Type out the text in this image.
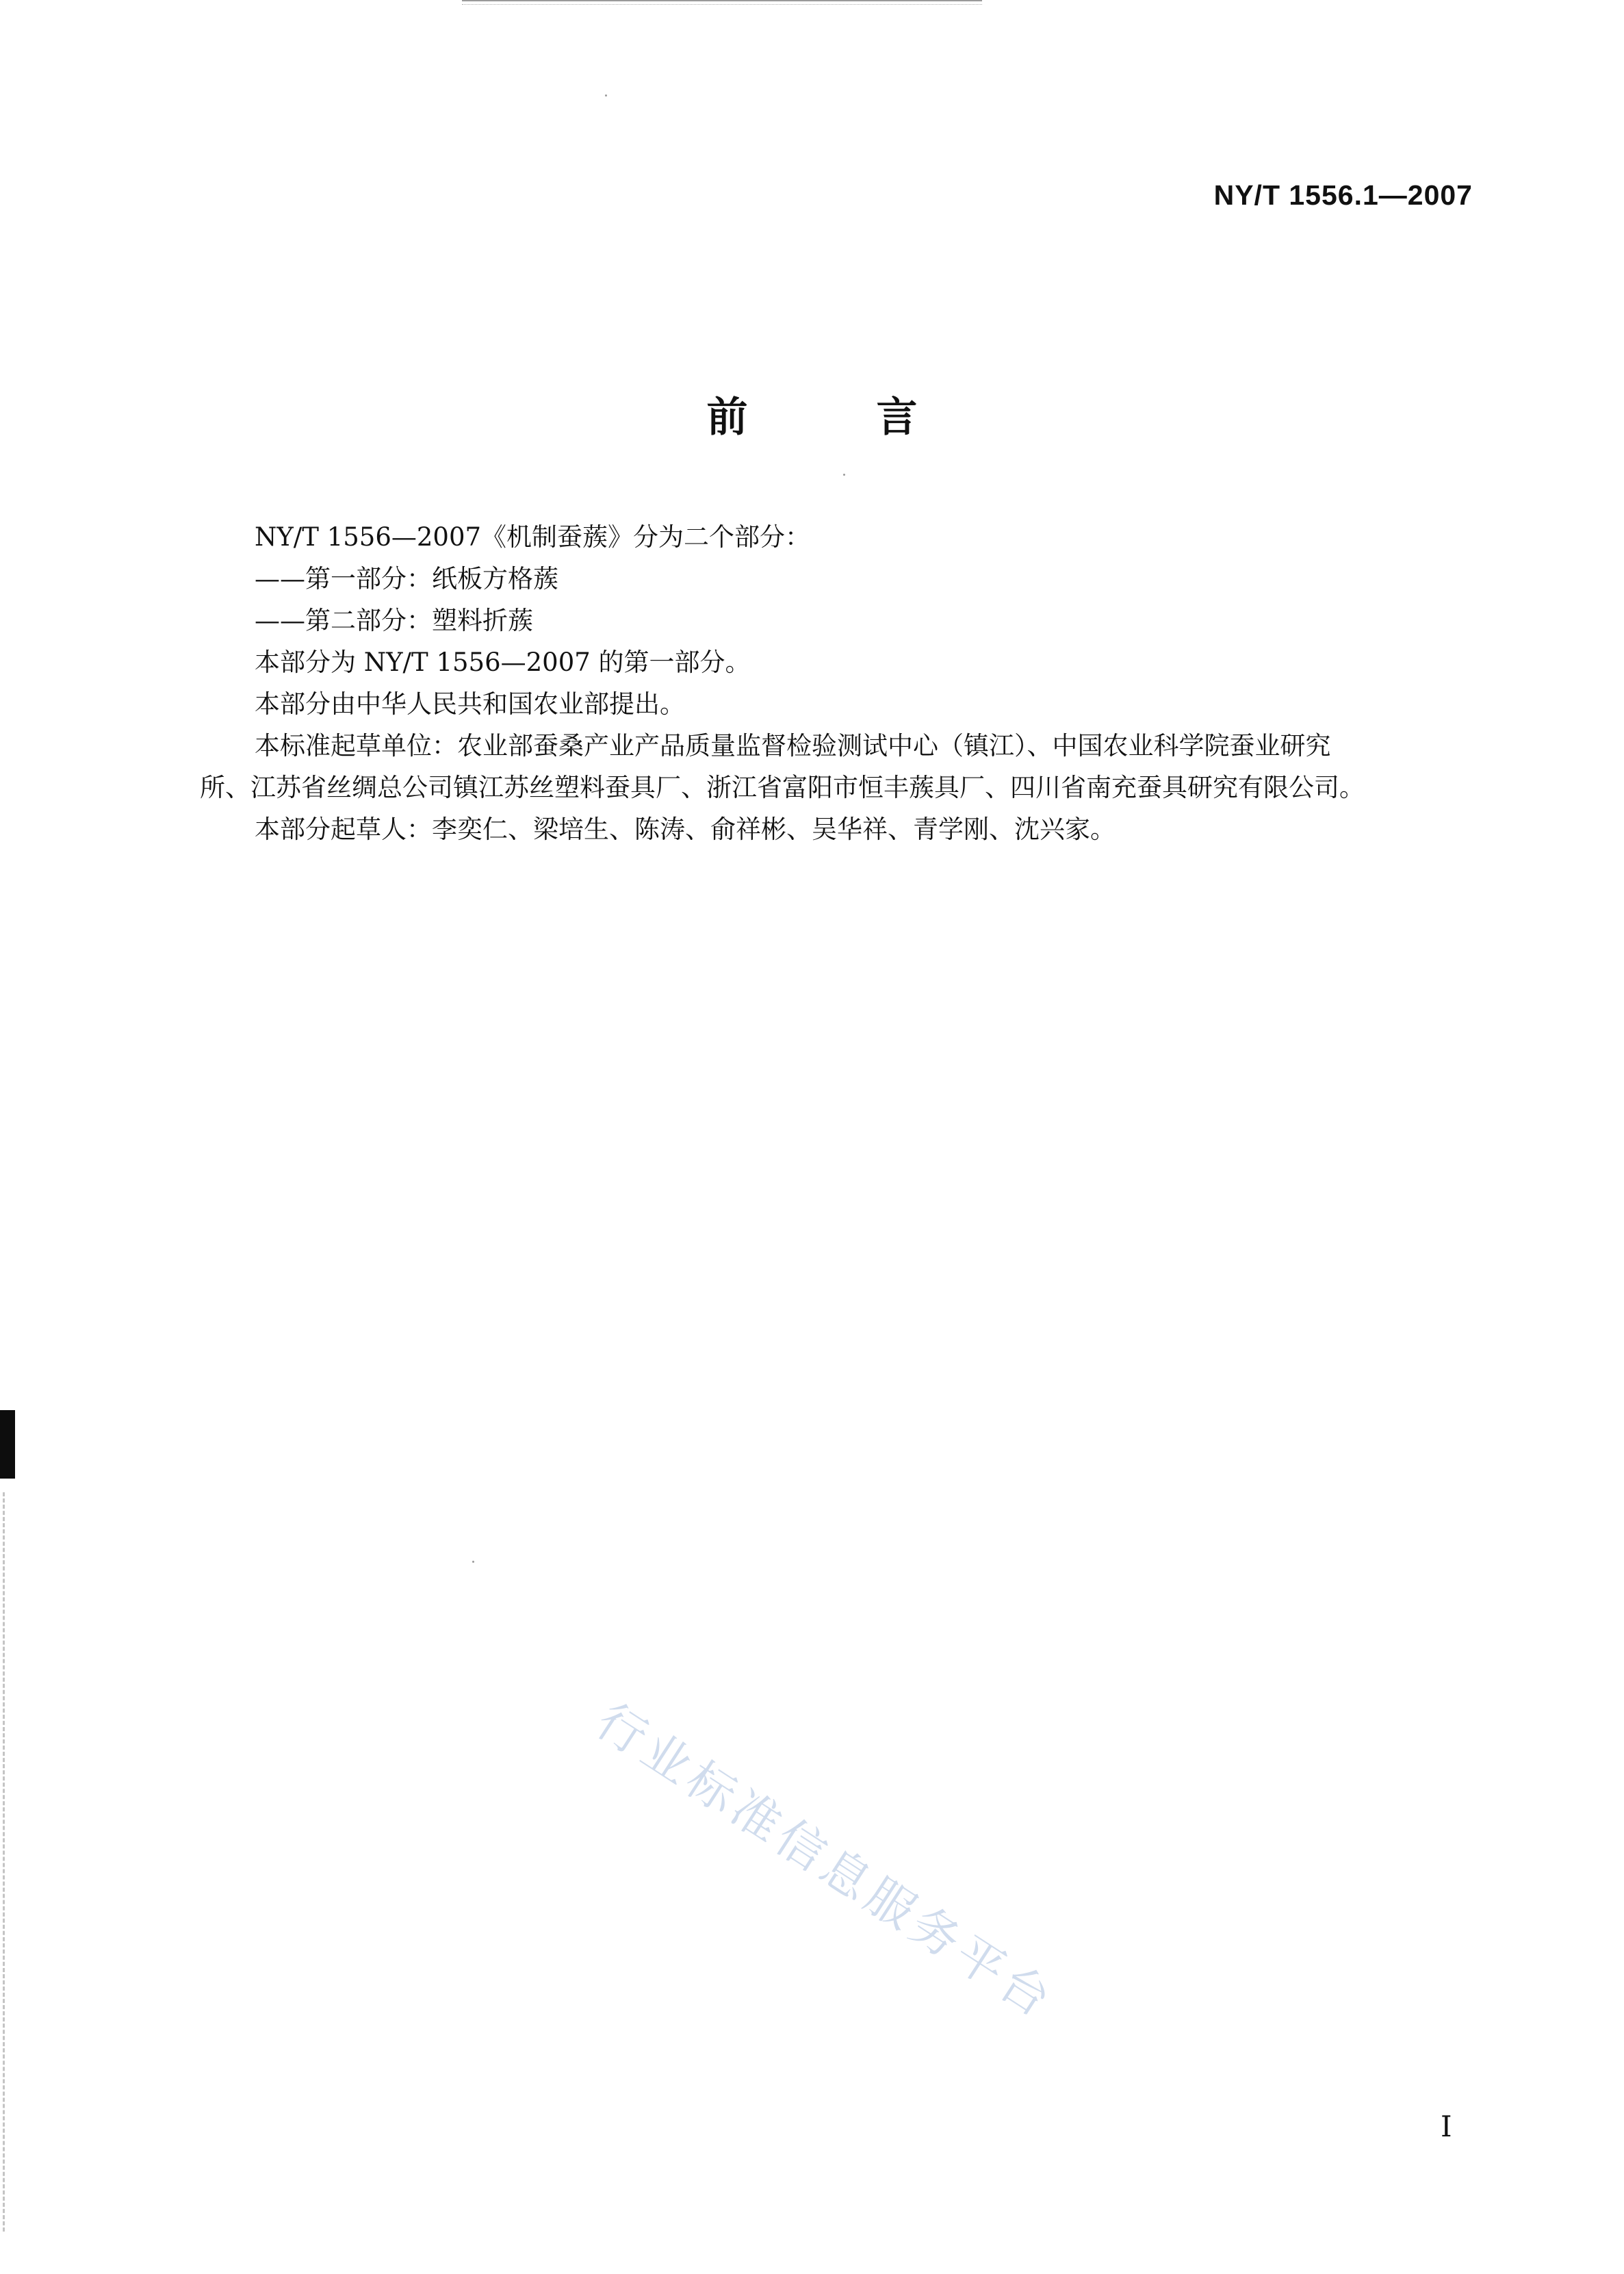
NY/T 1556.1—2007
前　言

NY/T 1556—2007《机制蚕蔟》分为二个部分：

——第一部分：纸板方格蔟

——第二部分：塑料折蔟

本部分为 NY/T 1556—2007 的第一部分。

本部分由中华人民共和国农业部提出。

本标准起草单位：农业部蚕桑产业产品质量监督检验测试中心（镇江）、中国农业科学院蚕业研究

所、江苏省丝绸总公司镇江苏丝塑料蚕具厂、浙江省富阳市恒丰蔟具厂、四川省南充蚕具研究有限公司。

本部分起草人：李奕仁、梁培生、陈涛、俞祥彬、吴华祥、青学刚、沈兴家。

行业标准信息服务平台
I
